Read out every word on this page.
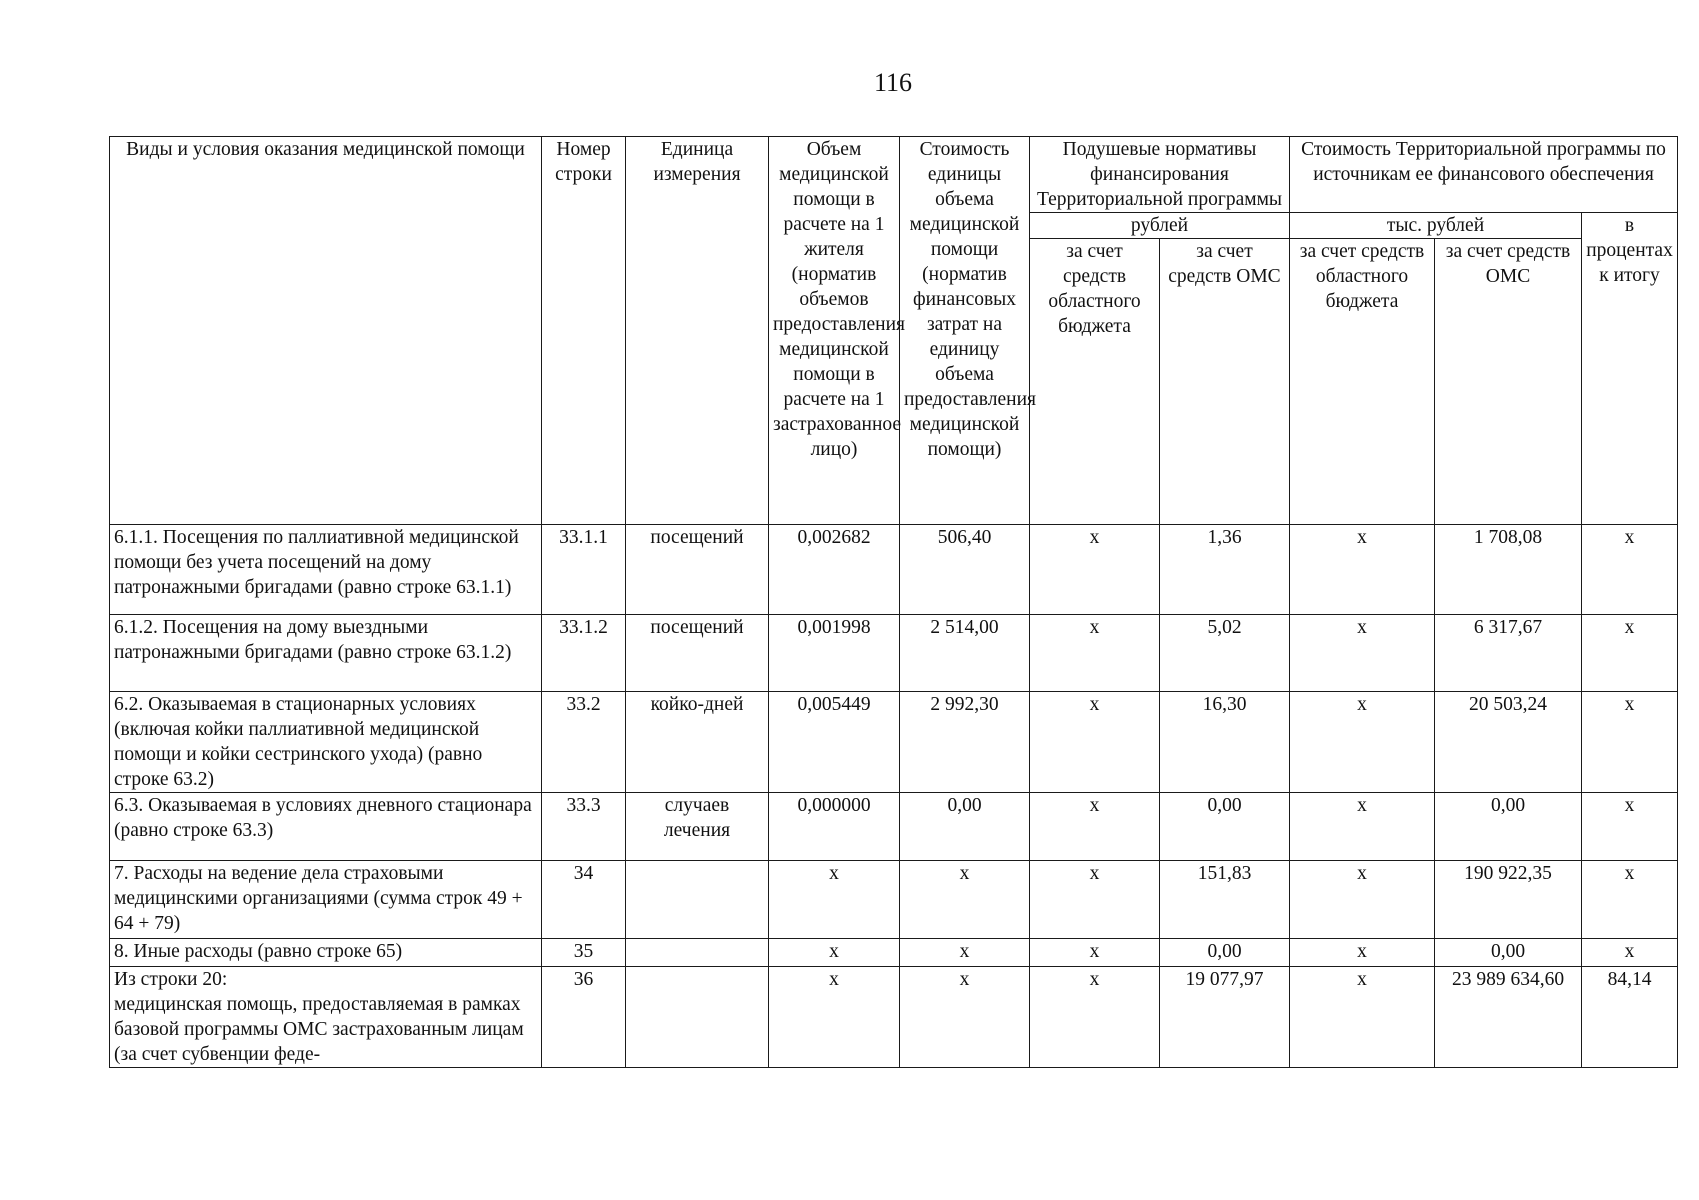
116
Виды и условия оказания медицинской помощи	Номер строки	Единица измерения	Объем медицинской помощи в расчете на 1 жителя (норматив объемов предоставления медицинской помощи в расчете на 1 застрахованное лицо)	Стоимость единицы объема медицинской помощи (норматив финансовых затрат на единицу объема предоставления медицинской помощи)	Подушевые нормативы финансирования Территориальной программы		Стоимость Территориальной программы по источникам ее финансового обеспечения		
					рублей		тыс. рублей		в процентах к итогу
					за счет средств областного бюджета	за счет средств ОМС	за счет средств областного бюджета	за счет средств ОМС	
6.1.1. Посещения по паллиативной медицинской помощи без учета посещений на дому патронажными бригадами (равно строке 63.1.1)	33.1.1	посещений	0,002682	506,40	х	1,36	х	1 708,08	х
6.1.2. Посещения на дому выездными патронажными бригадами (равно строке 63.1.2)	33.1.2	посещений	0,001998	2 514,00	х	5,02	х	6 317,67	х
6.2. Оказываемая в стационарных условиях (включая койки паллиативной медицинской помощи и койки сестринского ухода) (равно строке 63.2)	33.2	койко-дней	0,005449	2 992,30	х	16,30	х	20 503,24	х
6.3. Оказываемая в условиях дневного стационара (равно строке 63.3)	33.3	случаев лечения	0,000000	0,00	х	0,00	х	0,00	х
7. Расходы на ведение дела страховыми медицинскими организациями (сумма строк 49 + 64 + 79)	34		х	х	х	151,83	х	190 922,35	х
8. Иные расходы (равно строке 65)	35		х	х	х	0,00	х	0,00	х

Из строки 20:
медицинская помощь, предоставляемая в рамках базовой программы ОМС застрахованным лицам (за счет субвенции феде-	36		х	х	х	19 077,97	х	23 989 634,60	84,14
